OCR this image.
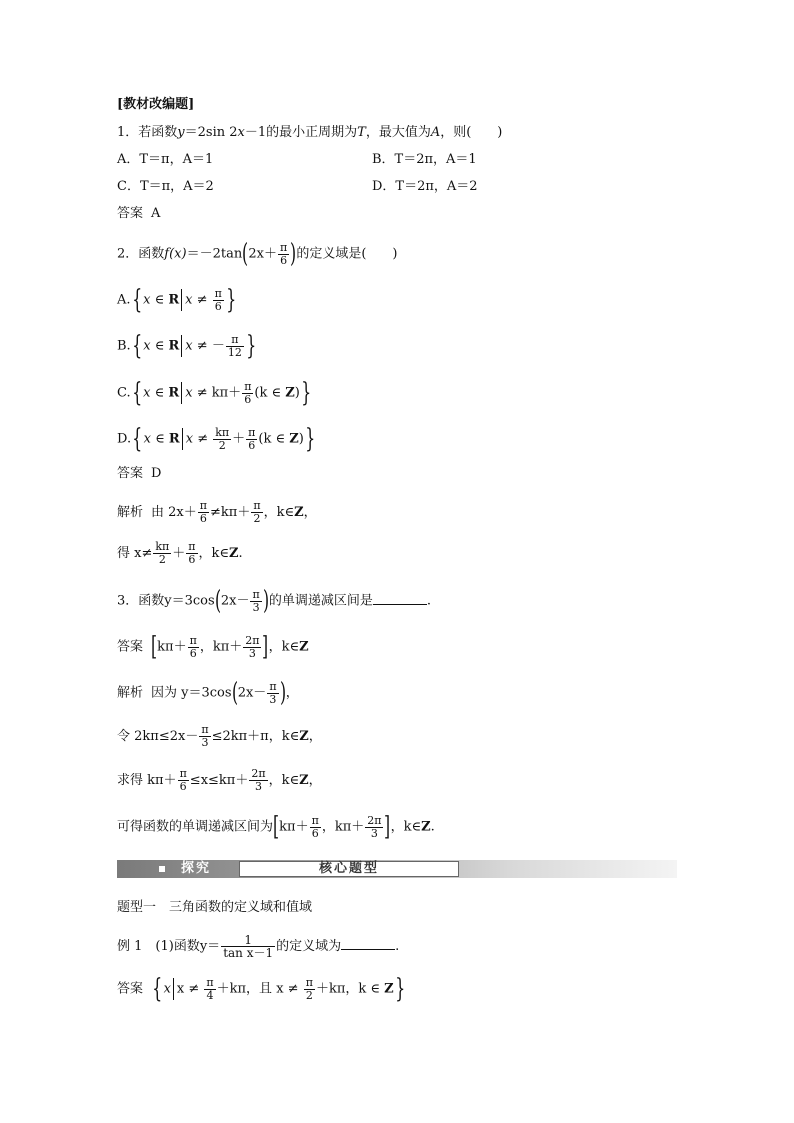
[教材改编题]
1．若函数y＝2sin 2x－1的最小正周期为T，最大值为A，则(　　)
A．T＝π，A＝1	B．T＝2π，A＝1
C．T＝π，A＝2	D．T＝2π，A＝2
答案 A
2．函数$f(x)=-2\tan(2x+ \frac{\pi}{6}$ )的定义域是(　　)
A.{x ∈ R $x \ne \frac{\pi}{6}$ }
B.{x ∈ R x ≠ － $\frac{\pi}{12}$ }
C.{x ∈ R $x \ne k\pi+ \frac{\pi}{6} (k$ ∈ Z)}
D.{x ∈ R $x \ne \frac{k\pi}{2} + \frac{\pi}{6} (k$ ∈ Z)}
答案 D
解析 由 $2x+ \frac{\pi}{6} \ne k\pi+ \frac{\pi}{2}$ ，k∈Z，
得 $x\ne \frac{k\pi}{2} + \frac{\pi}{6}$ ，k∈Z.
3．函数$y=3\cos(2x- \frac{\pi}{3}$ )的单调递减区间是	.
答案 [$k\pi+ \frac{\pi}{6}$ ，$k\pi+ \frac{2\pi}{3}$ ]，k∈Z
解析 因为 $y=3\cos(2x- \frac{\pi}{3}$ )，
令 $2k\pi\le 2x- \frac{\pi}{3} \le 2k\pi+\pi$，k∈Z，
求得 $k\pi+ \frac{\pi}{6} \le x\le k\pi+ \frac{2\pi}{3}$ ，k∈Z，
可得函数的单调递减区间为[$k\pi+ \frac{\pi}{6}$ ，$k\pi+ \frac{2\pi}{3}$ ]，k∈Z.
探究	核心题型
题型一　三角函数的定义域和值域
例 1　(1)函数$y= \frac{1}{\text{tan x－1}}$ 的定义域为	.
答案 {x $x \ne \frac{\pi}{4} +k\pi$，且 $x \ne \frac{\pi}{2} +k\pi$，k ∈ Z}
